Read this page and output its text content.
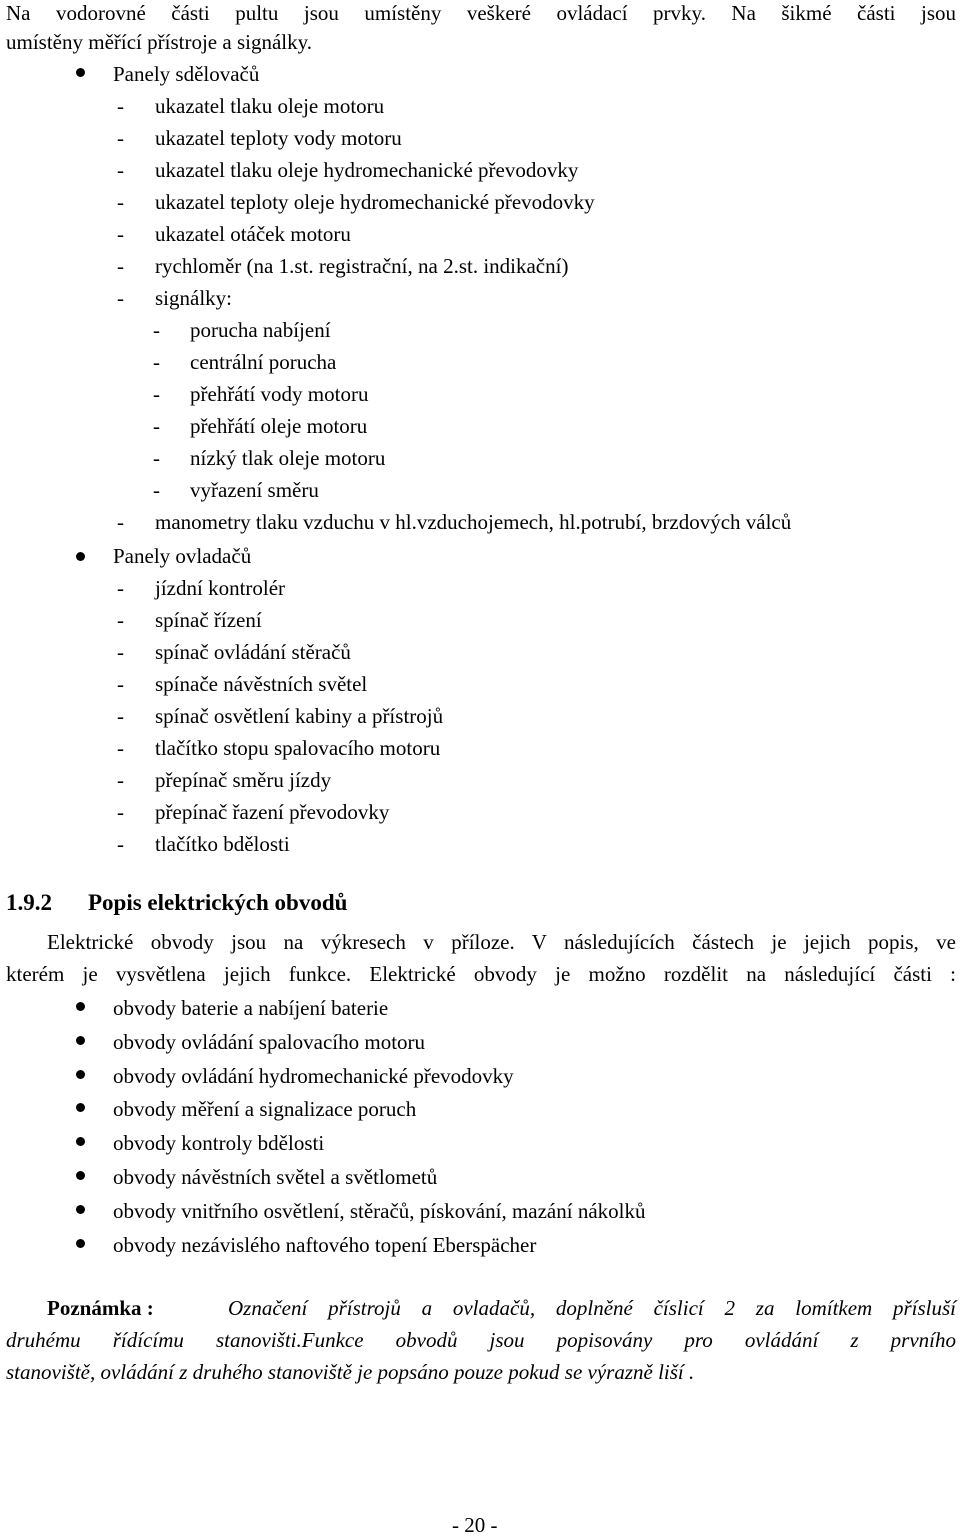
Na vodorovné části pultu jsou umístěny veškeré ovládací prvky. Na šikmé části jsou
umístěny měřící přístroje a signálky.
Panely sdělovačů
- ukazatel tlaku oleje motoru
- ukazatel teploty vody motoru
- ukazatel tlaku oleje hydromechanické převodovky
- ukazatel teploty oleje hydromechanické převodovky
- ukazatel otáček motoru
- rychloměr (na 1.st. registrační, na 2.st. indikační)
- signálky:
- porucha nabíjení
- centrální porucha
- přehřátí vody motoru
- přehřátí oleje motoru
- nízký tlak oleje motoru
- vyřazení směru
- manometry tlaku vzduchu v hl.vzduchojemech, hl.potrubí, brzdových válců
Panely ovladačů
- jízdní kontrolér
- spínač řízení
- spínač ovládání stěračů
- spínače návěstních světel
- spínač osvětlení kabiny a přístrojů
- tlačítko stopu spalovacího motoru
- přepínač směru jízdy
- přepínač řazení převodovky
- tlačítko bdělosti
1.9.2 Popis elektrických obvodů
Elektrické obvody jsou na výkresech v příloze. V následujících částech je jejich popis, ve
kterém je vysvětlena jejich funkce. Elektrické obvody je možno rozdělit na následující části :
obvody baterie a nabíjení baterie
obvody ovládání spalovacího motoru
obvody ovládání hydromechanické převodovky
obvody měření a signalizace poruch
obvody kontroly bdělosti
obvody návěstních světel a světlometů
obvody vnitřního osvětlení, stěračů, pískování, mazání nákolků
obvody nezávislého naftového topení Eberspächer
Poznámka :	Označení přístrojů a ovladačů, doplněné číslicí 2 za lomítkem přísluší
druhému řídícímu stanovišti.Funkce obvodů jsou popisovány pro ovládání z prvního
stanoviště, ovládání z druhého stanoviště je popsáno pouze pokud se výrazně liší .
- 20 -
